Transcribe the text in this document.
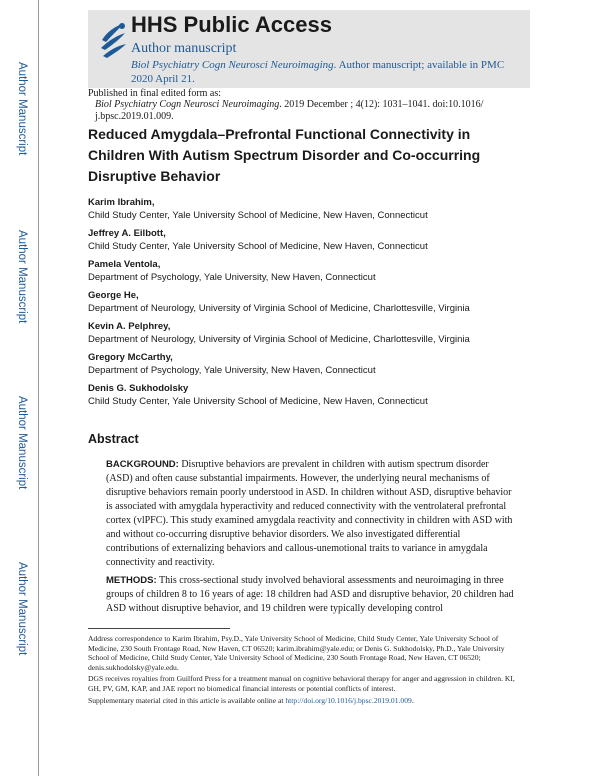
Author Manuscript
Author Manuscript
Author Manuscript
Author Manuscript
HHS Public Access
Author manuscript
Biol Psychiatry Cogn Neurosci Neuroimaging. Author manuscript; available in PMC 2020 April 21.
Published in final edited form as:
Biol Psychiatry Cogn Neurosci Neuroimaging. 2019 December ; 4(12): 1031–1041. doi:10.1016/ j.bpsc.2019.01.009.
Reduced Amygdala–Prefrontal Functional Connectivity in Children With Autism Spectrum Disorder and Co-occurring Disruptive Behavior
Karim Ibrahim,
Child Study Center, Yale University School of Medicine, New Haven, Connecticut
Jeffrey A. Eilbott,
Child Study Center, Yale University School of Medicine, New Haven, Connecticut
Pamela Ventola,
Department of Psychology, Yale University, New Haven, Connecticut
George He,
Department of Neurology, University of Virginia School of Medicine, Charlottesville, Virginia
Kevin A. Pelphrey,
Department of Neurology, University of Virginia School of Medicine, Charlottesville, Virginia
Gregory McCarthy,
Department of Psychology, Yale University, New Haven, Connecticut
Denis G. Sukhodolsky
Child Study Center, Yale University School of Medicine, New Haven, Connecticut
Abstract
BACKGROUND: Disruptive behaviors are prevalent in children with autism spectrum disorder (ASD) and often cause substantial impairments. However, the underlying neural mechanisms of disruptive behaviors remain poorly understood in ASD. In children without ASD, disruptive behavior is associated with amygdala hyperactivity and reduced connectivity with the ventrolateral prefrontal cortex (vlPFC). This study examined amygdala reactivity and connectivity in children with ASD with and without co-occurring disruptive behavior disorders. We also investigated differential contributions of externalizing behaviors and callous-unemotional traits to variance in amygdala connectivity and reactivity.
METHODS: This cross-sectional study involved behavioral assessments and neuroimaging in three groups of children 8 to 16 years of age: 18 children had ASD and disruptive behavior, 20 children had ASD without disruptive behavior, and 19 children were typically developing control
Address correspondence to Karim Ibrahim, Psy.D., Yale University School of Medicine, Child Study Center, Yale University School of Medicine, 230 South Frontage Road, New Haven, CT 06520; karim.ibrahim@yale.edu; or Denis G. Sukhodolsky, Ph.D., Yale University School of Medicine, Child Study Center, Yale University School of Medicine, 230 South Frontage Road, New Haven, CT 06520; denis.sukhodolsky@yale.edu.
DGS receives royalties from Guilford Press for a treatment manual on cognitive behavioral therapy for anger and aggression in children. KI, GH, PV, GM, KAP, and JAE report no biomedical financial interests or potential conflicts of interest.
Supplementary material cited in this article is available online at http://doi.org/10.1016/j.bpsc.2019.01.009.
